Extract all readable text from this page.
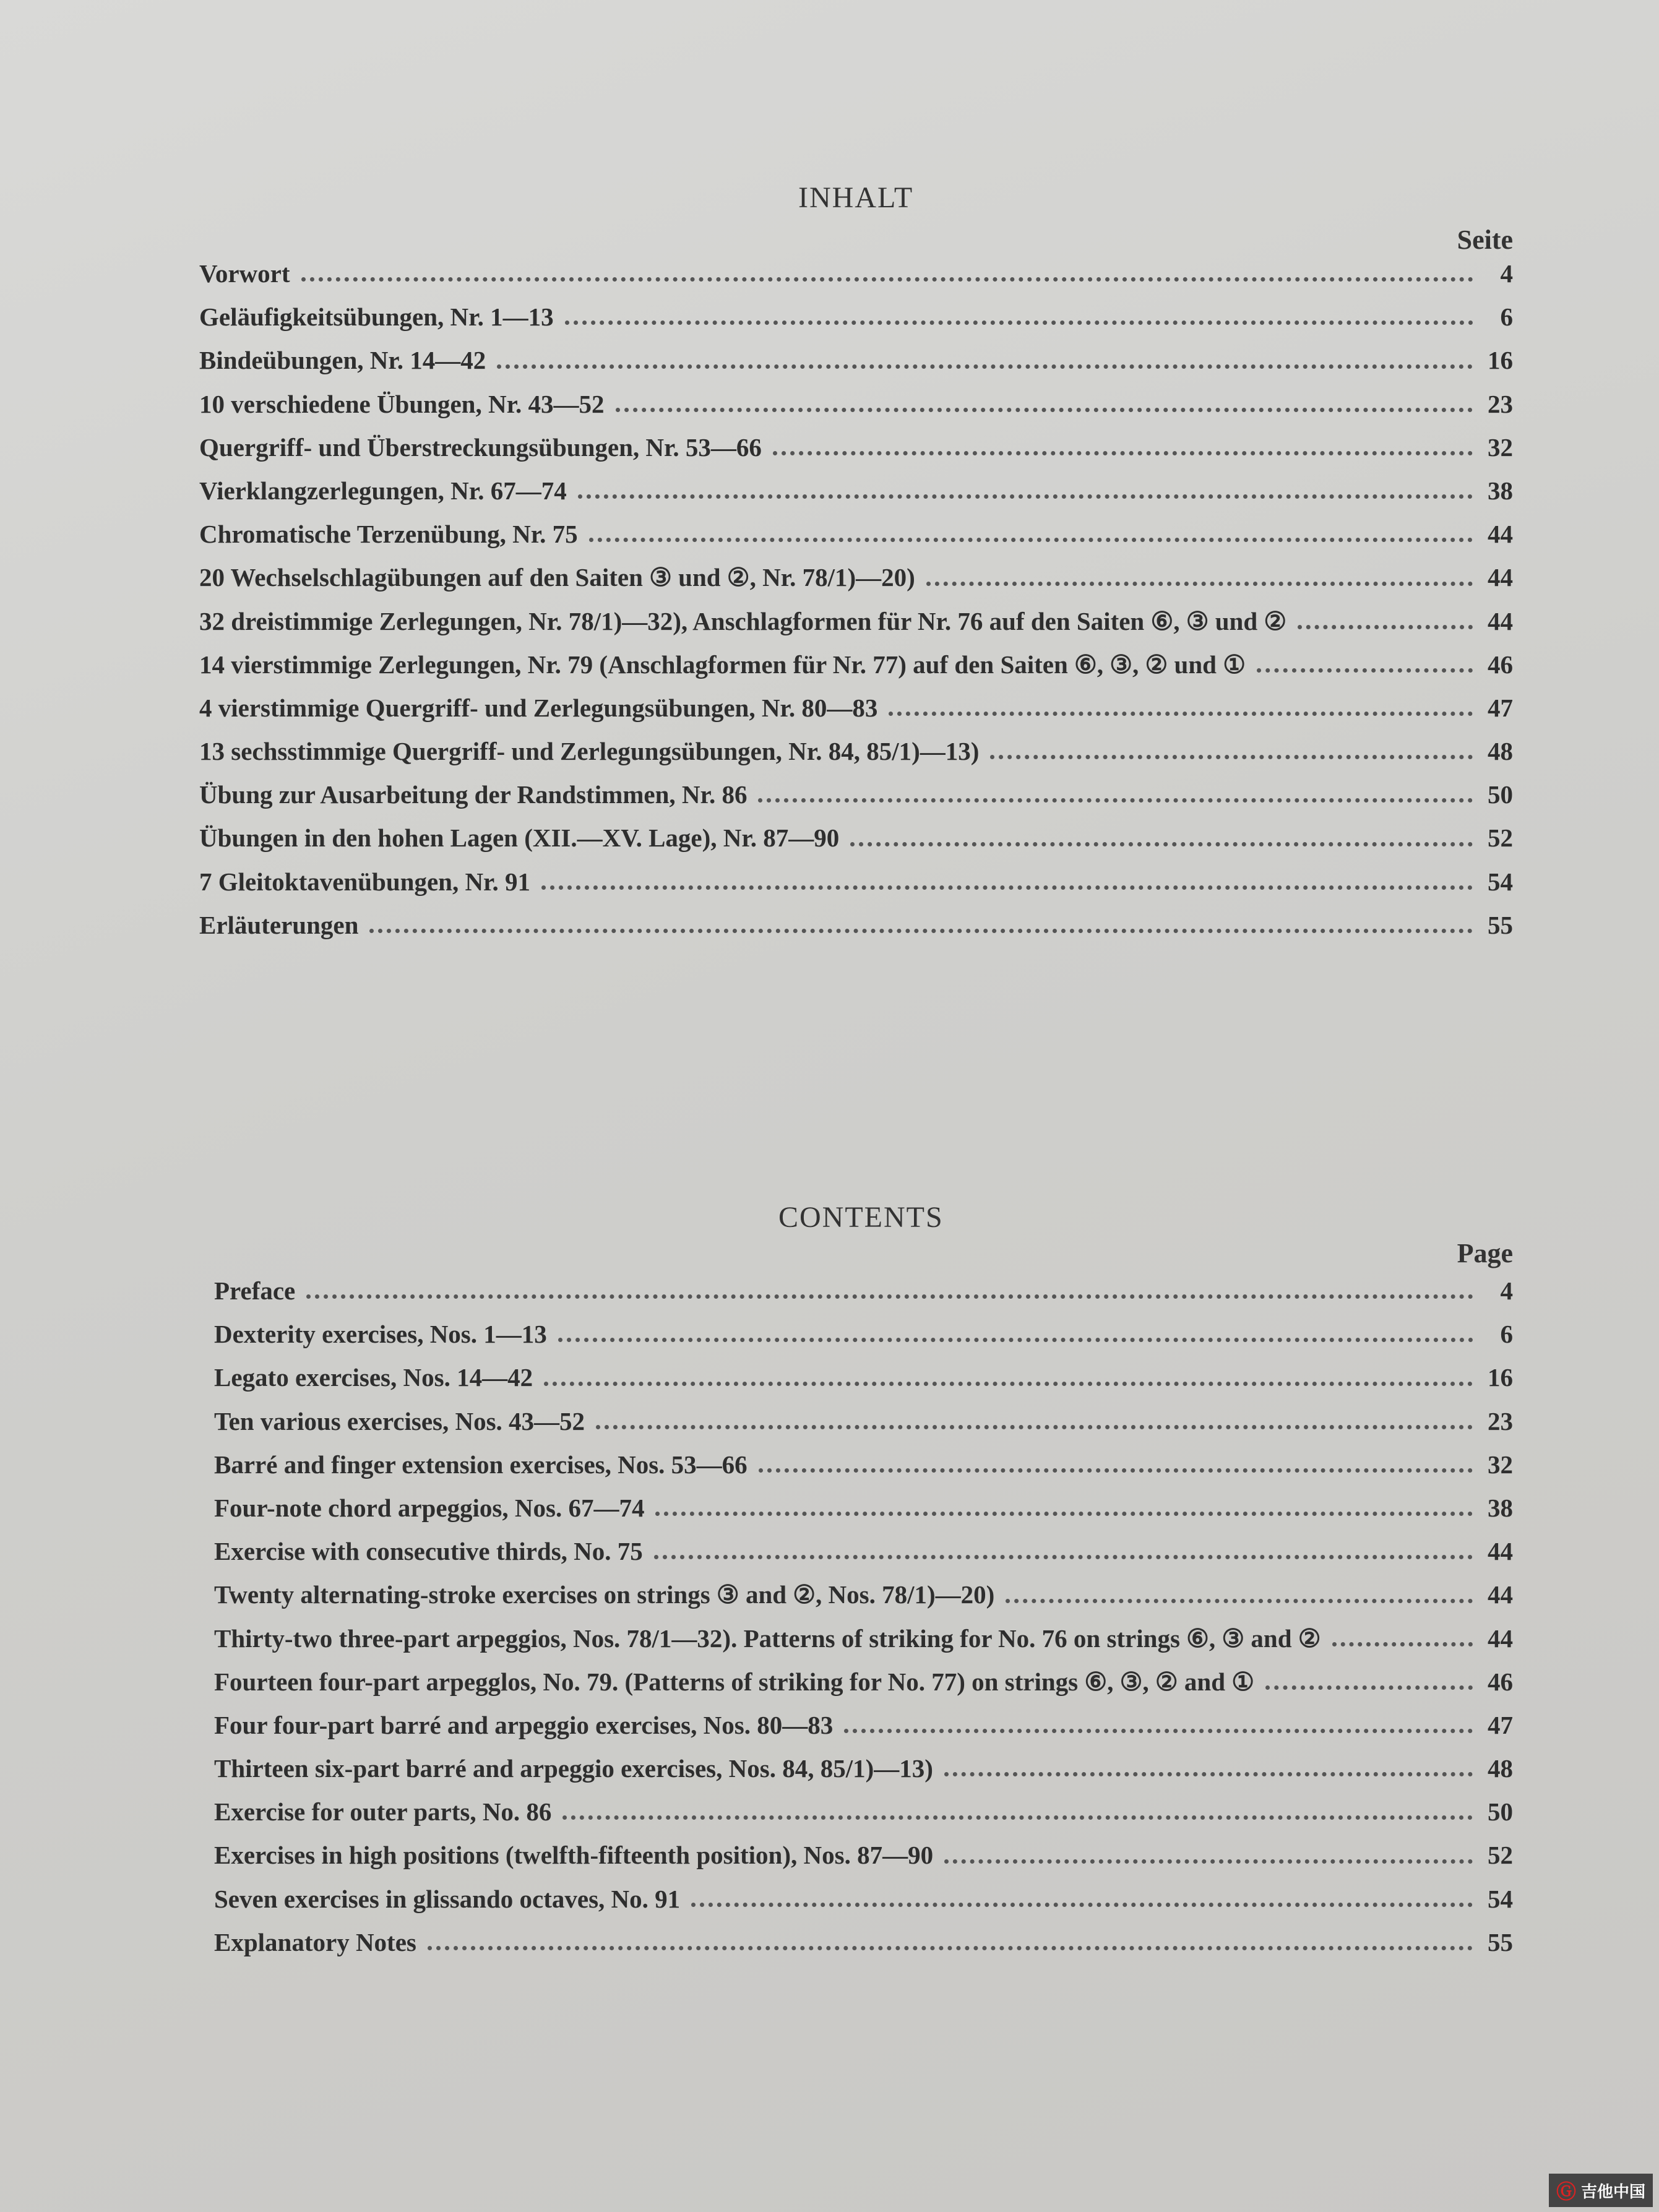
INHALT
Seite
Vorwort	4
Geläufigkeitsübungen, Nr. 1—13	6
Bindeübungen, Nr. 14—42	16
10 verschiedene Übungen, Nr. 43—52	23
Quergriff- und Überstreckungsübungen, Nr. 53—66	32
Vierklangzerlegungen, Nr. 67—74	38
Chromatische Terzenübung, Nr. 75	44
20 Wechselschlagübungen auf den Saiten ③ und ②, Nr. 78/1)—20)	44
32 dreistimmige Zerlegungen, Nr. 78/1)—32), Anschlagformen für Nr. 76 auf den Saiten ⑥, ③ und ②	44
14 vierstimmige Zerlegungen, Nr. 79 (Anschlagformen für Nr. 77) auf den Saiten ⑥, ③, ② und ①	46
4 vierstimmige Quergriff- und Zerlegungsübungen, Nr. 80—83	47
13 sechsstimmige Quergriff- und Zerlegungsübungen, Nr. 84, 85/1)—13)	48
Übung zur Ausarbeitung der Randstimmen, Nr. 86	50
Übungen in den hohen Lagen (XII.—XV. Lage), Nr. 87—90	52
7 Gleitoktavenübungen, Nr. 91	54
Erläuterungen	55
CONTENTS
Page
Preface	4
Dexterity exercises, Nos. 1—13	6
Legato exercises, Nos. 14—42	16
Ten various exercises, Nos. 43—52	23
Barré and finger extension exercises, Nos. 53—66	32
Four-note chord arpeggios, Nos. 67—74	38
Exercise with consecutive thirds, No. 75	44
Twenty alternating-stroke exercises on strings ③ and ②, Nos. 78/1)—20)	44
Thirty-two three-part arpeggios, Nos. 78/1—32). Patterns of striking for No. 76 on strings ⑥, ③ and ②	44
Fourteen four-part arpegglos, No. 79. (Patterns of striking for No. 77) on strings ⑥, ③, ② and ①	46
Four four-part barré and arpeggio exercises, Nos. 80—83	47
Thirteen six-part barré and arpeggio exercises, Nos. 84, 85/1)—13)	48
Exercise for outer parts, No. 86	50
Exercises in high positions (twelfth-fifteenth position), Nos. 87—90	52
Seven exercises in glissando octaves, No. 91	54
Explanatory Notes	55
Ⓖ 吉他中国
